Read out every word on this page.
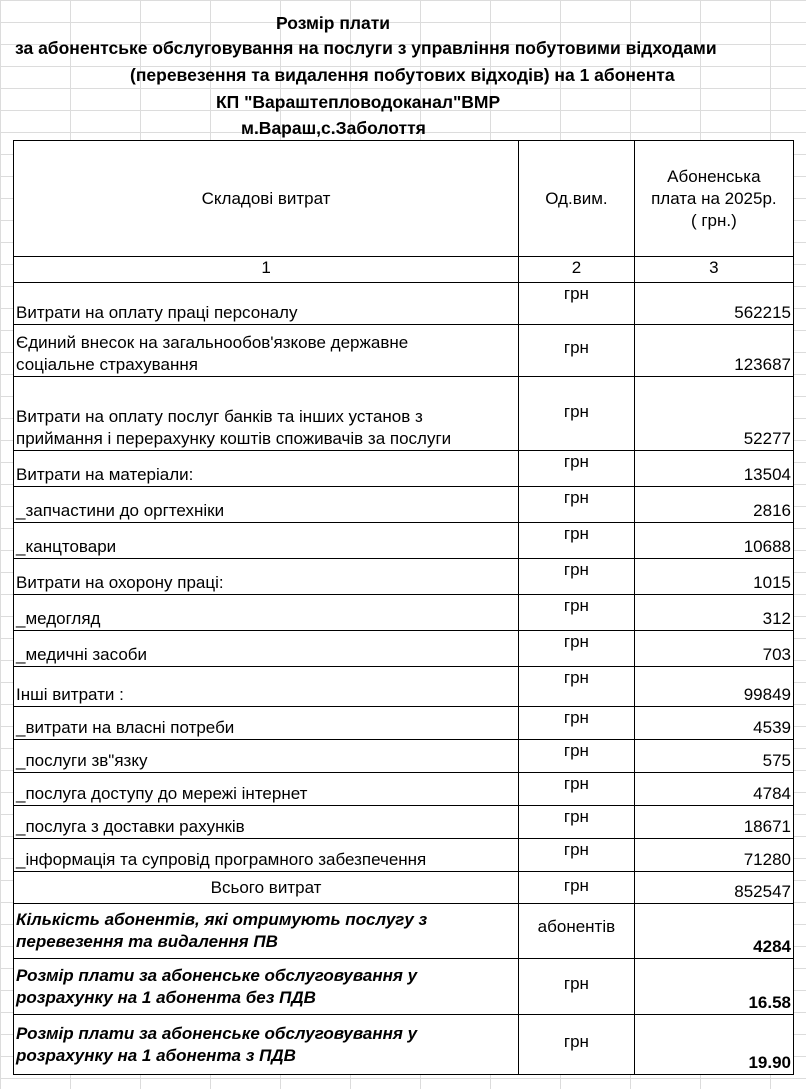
Розмір плати
за абонентське обслуговування на послуги з управління побутовими відходами
(перевезення та видалення побутових відходів) на 1 абонента
КП "Вараштепловодоканал"ВМР
м.Вараш,с.Заболоття
Складові витрат	Од.вим.	Абоненська
плата на 2025р.
( грн.)

1	2	3
Витрати на оплату праці персоналу	грн	562215

Єдиний внесок на загальнообов'язкове державне
соціальне страхування	грн	123687

Витрати на оплату послуг банків та інших установ з
приймання і перерахунку коштів споживачів за послуги	грн	52277
Витрати на матеріали:	грн	13504
_запчастини до оргтехніки	грн	2816
_канцтовари	грн	10688
Витрати на охорону праці:	грн	1015
_медогляд	грн	312
_медичні засоби	грн	703
Інші витрати :	грн	99849
_витрати на власні потреби	грн	4539
_послуги зв"язку	грн	575
_послуга доступу до мережі інтернет	грн	4784
_послуга з доставки рахунків	грн	18671
_інформація та супровід програмного забезпечення	грн	71280
Всього витрат	грн	852547

Кількість абонентів, які отримують послугу з
перевезення та видалення ПВ	абонентів	4284

Розмір плати за абоненське обслуговування у
розрахунку на 1 абонента без ПДВ	грн	16.58

Розмір плати за абоненське обслуговування у
розрахунку на 1 абонента з ПДВ	грн	19.90
